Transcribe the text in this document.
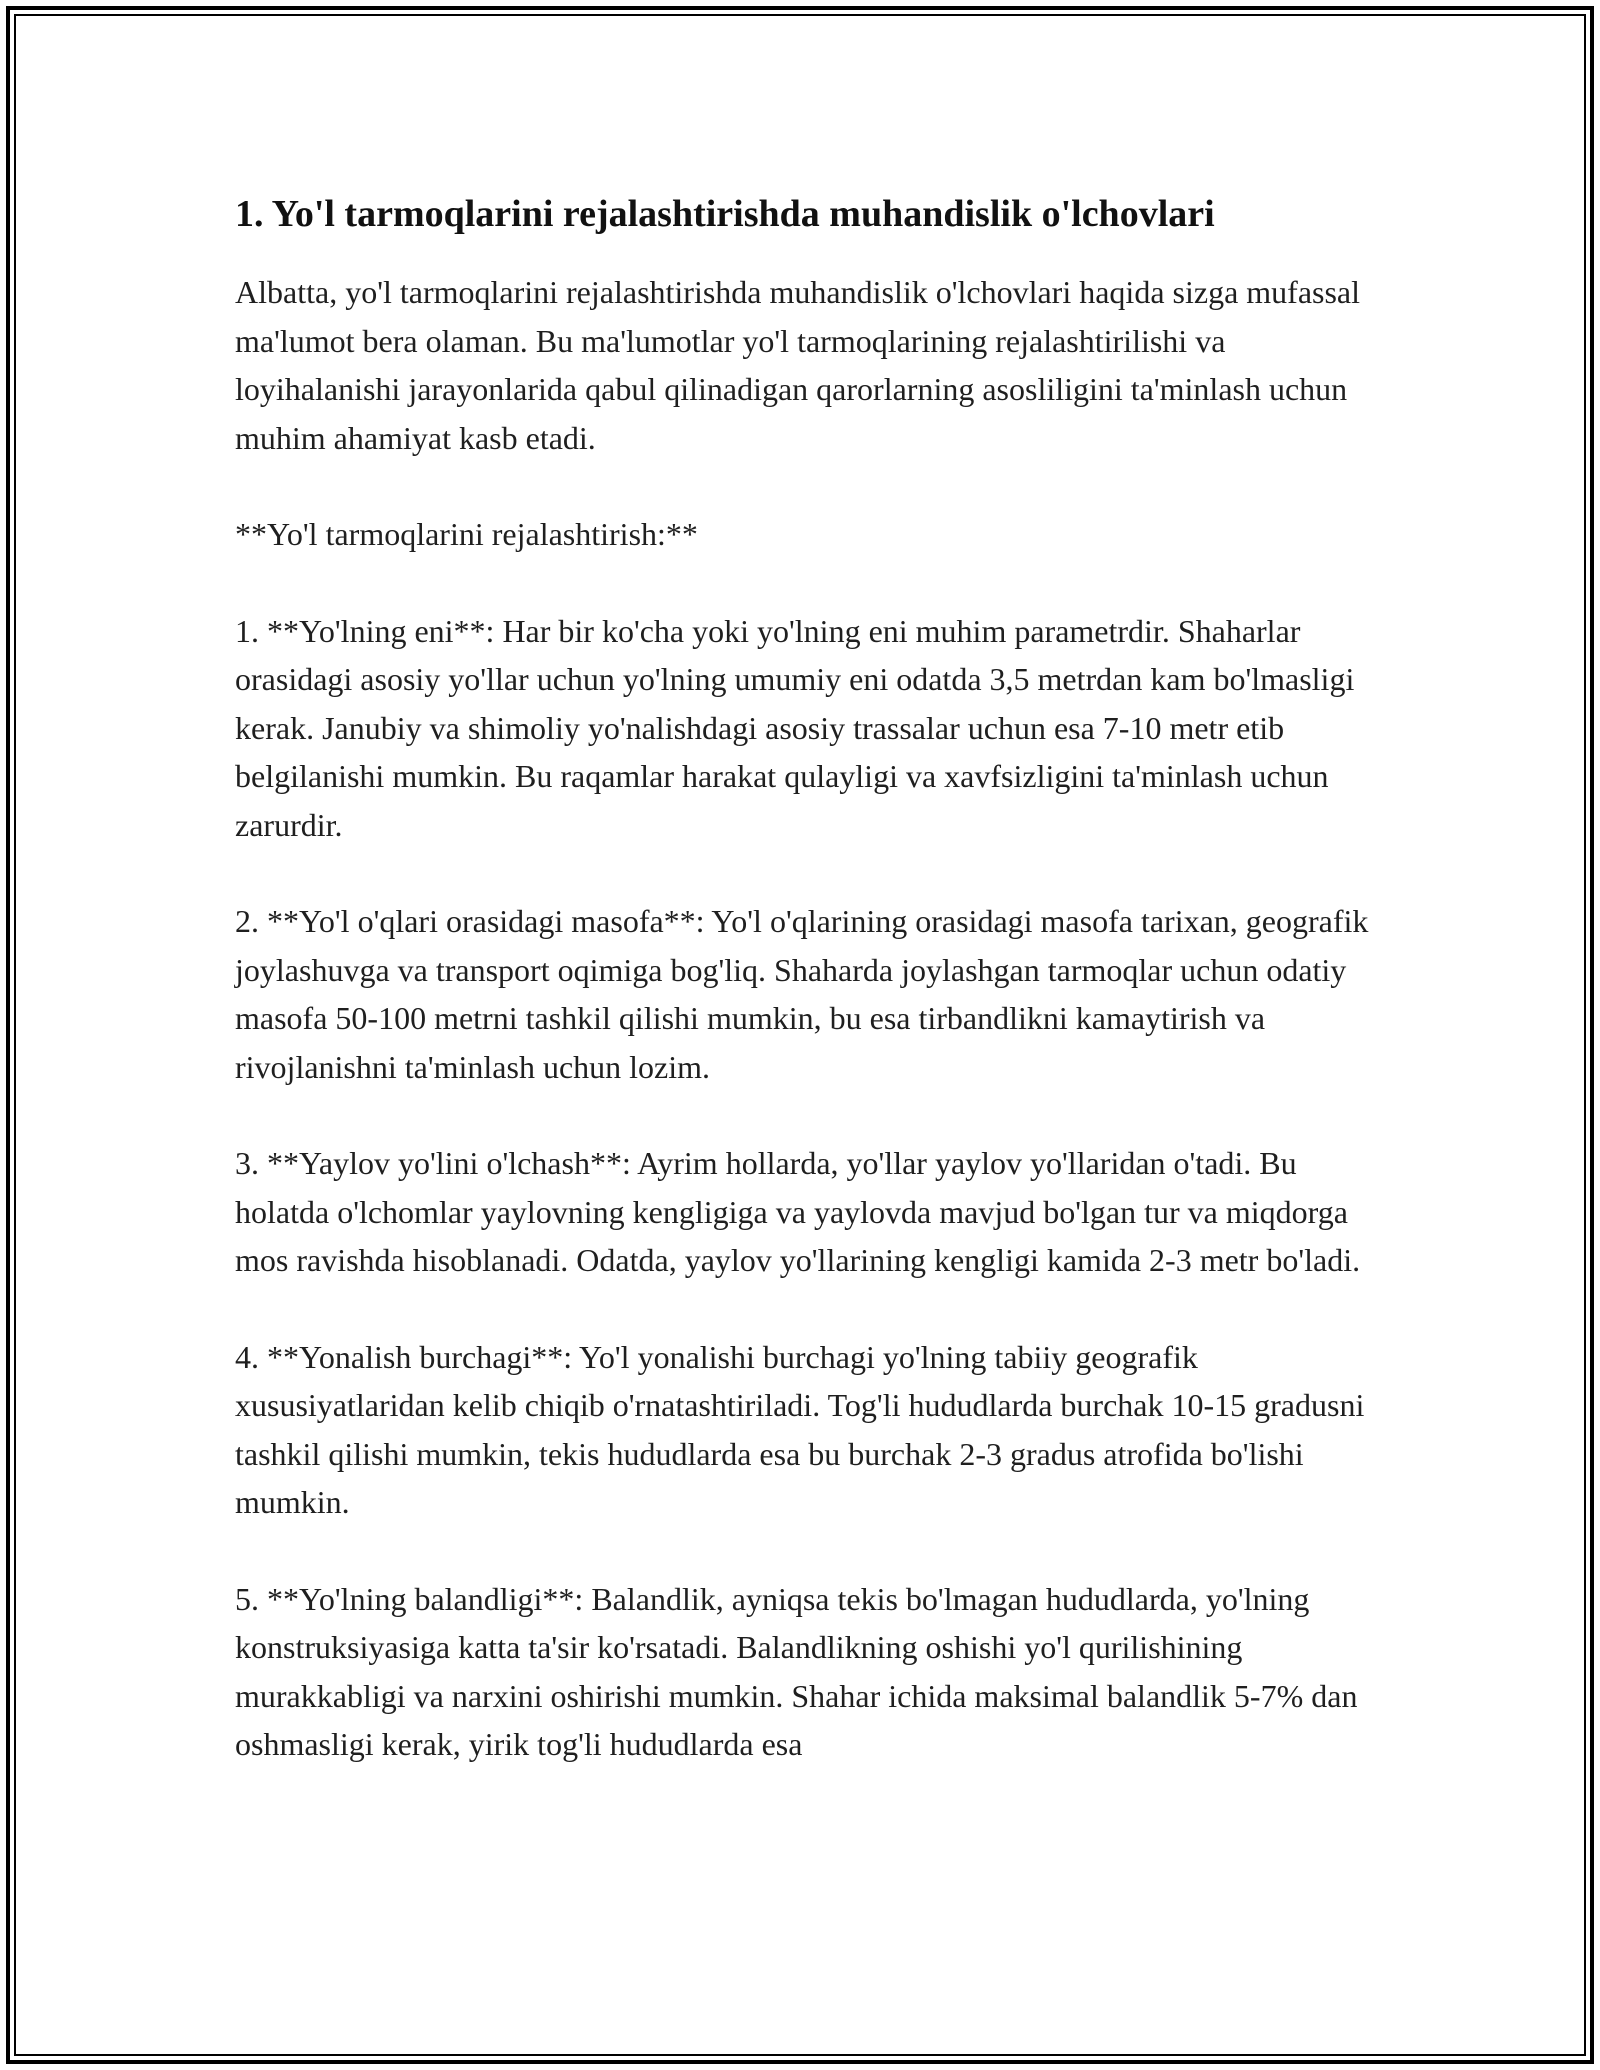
1. Yo'l tarmoqlarini rejalashtirishda muhandislik o'lchovlari

Albatta, yo'l tarmoqlarini rejalashtirishda muhandislik o'lchovlari haqida sizga mufassal ma'lumot bera olaman. Bu ma'lumotlar yo'l tarmoqlarining rejalashtirilishi va loyihalanishi jarayonlarida qabul qilinadigan qarorlarning asosliligini ta'minlash uchun muhim ahamiyat kasb etadi.

**Yo'l tarmoqlarini rejalashtirish:**

1. **Yo'lning eni**: Har bir ko'cha yoki yo'lning eni muhim parametrdir. Shaharlar orasidagi asosiy yo'llar uchun yo'lning umumiy eni odatda 3,5 metrdan kam bo'lmasligi kerak. Janubiy va shimoliy yo'nalishdagi asosiy trassalar uchun esa 7-10 metr etib belgilanishi mumkin. Bu raqamlar harakat qulayligi va xavfsizligini ta'minlash uchun zarurdir.

2. **Yo'l o'qlari orasidagi masofa**: Yo'l o'qlarining orasidagi masofa tarixan, geografik joylashuvga va transport oqimiga bog'liq. Shaharda joylashgan tarmoqlar uchun odatiy masofa 50-100 metrni tashkil qilishi mumkin, bu esa tirbandlikni kamaytirish va rivojlanishni ta'minlash uchun lozim.

3. **Yaylov yo'lini o'lchash**: Ayrim hollarda, yo'llar yaylov yo'llaridan o'tadi. Bu holatda o'lchomlar yaylovning kengligiga va yaylovda mavjud bo'lgan tur va miqdorga mos ravishda hisoblanadi. Odatda, yaylov yo'llarining kengligi kamida 2-3 metr bo'ladi.

4. **Yonalish burchagi**: Yo'l yonalishi burchagi yo'lning tabiiy geografik xususiyatlaridan kelib chiqib o'rnatashtiriladi. Tog'li hududlarda burchak 10-15 gradusni tashkil qilishi mumkin, tekis hududlarda esa bu burchak 2-3 gradus atrofida bo'lishi mumkin.

5. **Yo'lning balandligi**: Balandlik, ayniqsa tekis bo'lmagan hududlarda, yo'lning konstruksiyasiga katta ta'sir ko'rsatadi. Balandlikning oshishi yo'l qurilishining murakkabligi va narxini oshirishi mumkin. Shahar ichida maksimal balandlik 5-7% dan oshmasligi kerak, yirik tog'li hududlarda esa
